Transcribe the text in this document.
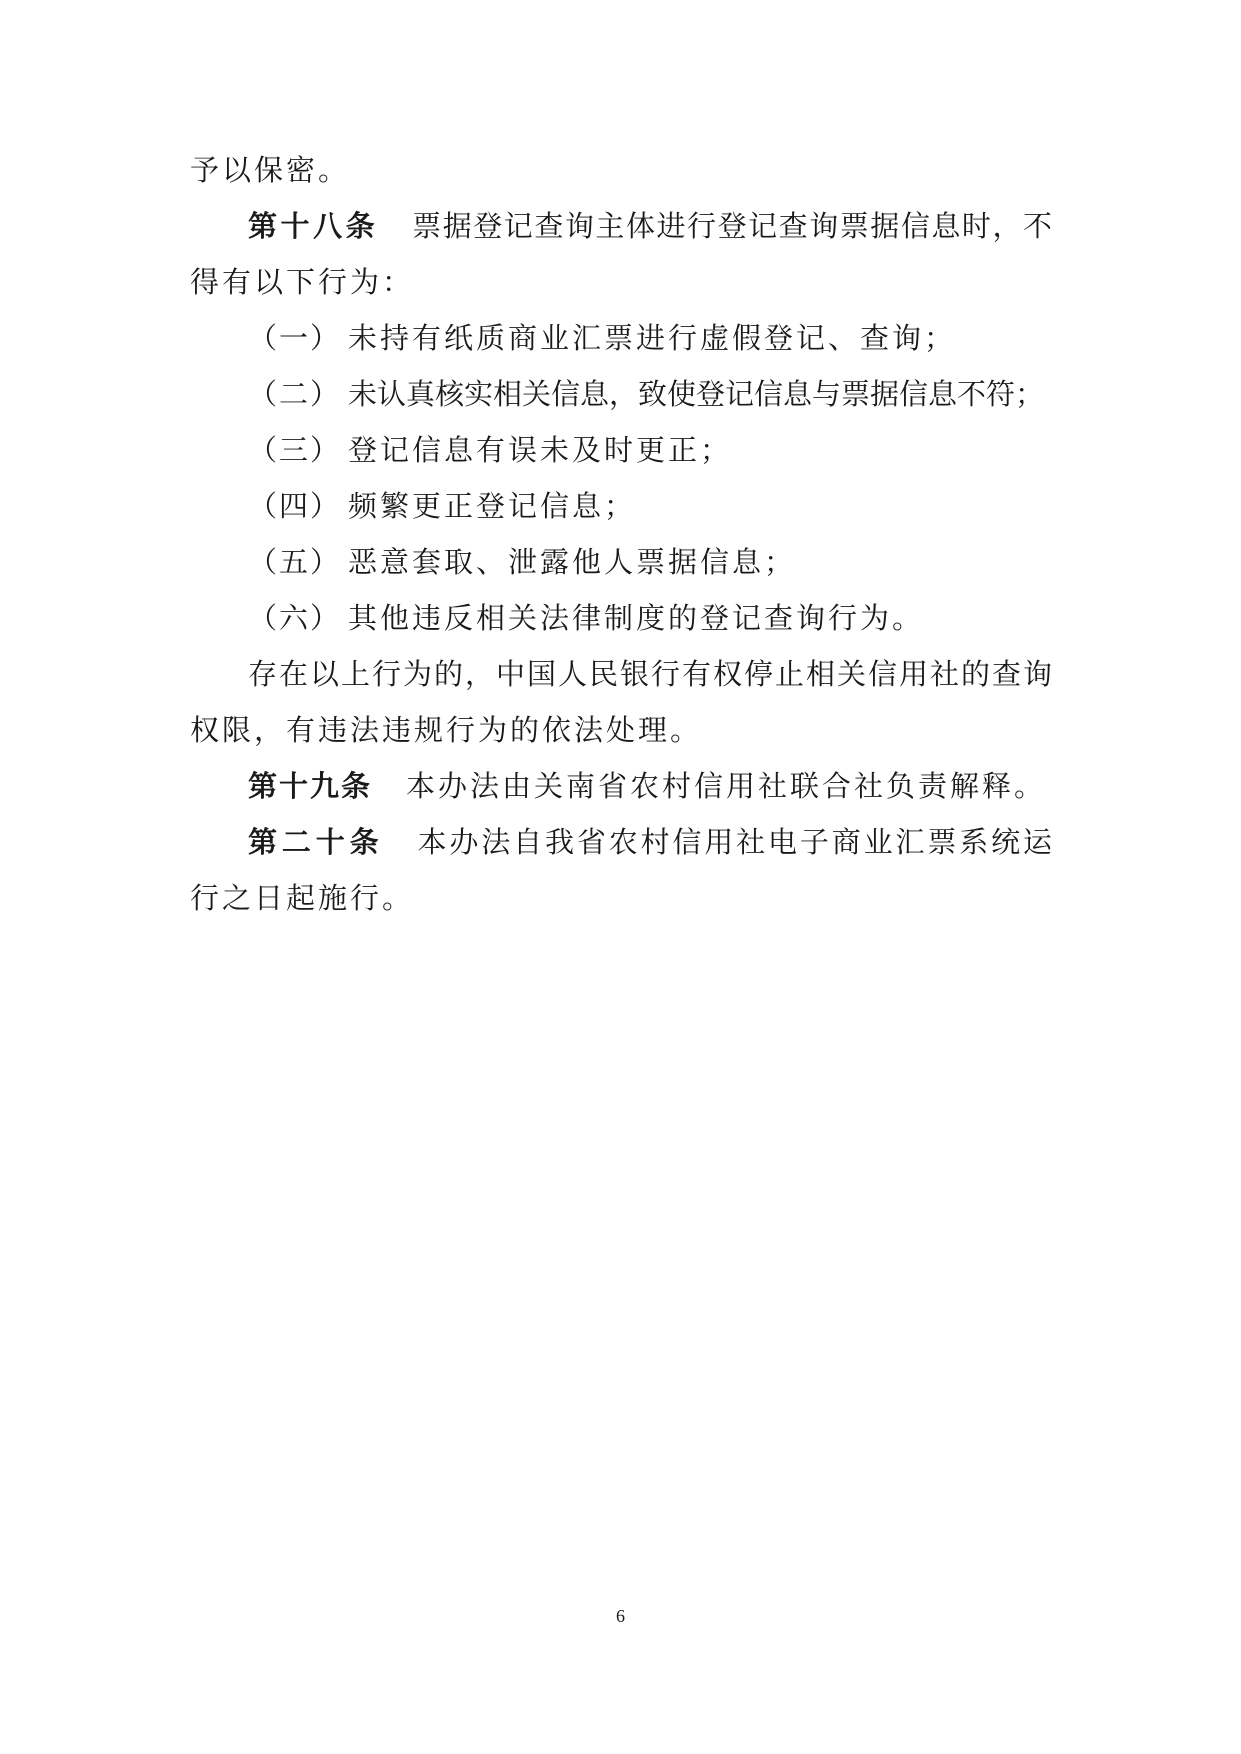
予以保密。
第十八条 票据登记查询主体进行登记查询票据信息时，不
得有以下行为：
（一） 未持有纸质商业汇票进行虚假登记、查询；
（二） 未认真核实相关信息，致使登记信息与票据信息不符；
（三） 登记信息有误未及时更正；
（四） 频繁更正登记信息；
（五） 恶意套取、泄露他人票据信息；
（六） 其他违反相关法律制度的登记查询行为。
存在以上行为的，中国人民银行有权停止相关信用社的查询
权限，有违法违规行为的依法处理。
第十九条 本办法由关南省农村信用社联合社负责解释。
第二十条 本办法自我省农村信用社电子商业汇票系统运
行之日起施行。
6
